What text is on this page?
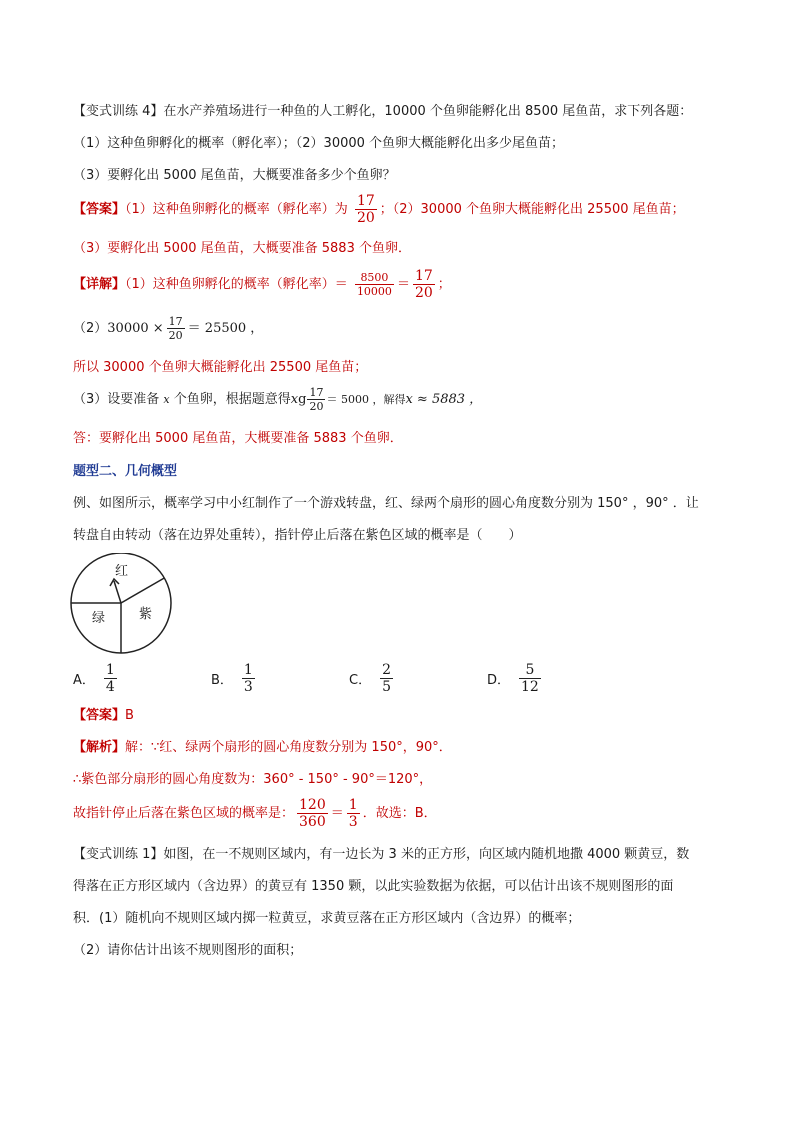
【变式训练 4】在水产养殖场进行一种鱼的人工孵化，10000 个鱼卵能孵化出 8500 尾鱼苗，求下列各题：
（1）这种鱼卵孵化的概率（孵化率）；（2）30000 个鱼卵大概能孵化出多少尾鱼苗；
（3）要孵化出 5000 尾鱼苗，大概要准备多少个鱼卵？
【答案】（1）这种鱼卵孵化的概率（孵化率）为 $\frac{17}{20}$ ；（2）30000 个鱼卵大概能孵化出 25500 尾鱼苗；
（3）要孵化出 5000 尾鱼苗，大概要准备 5883 个鱼卵．
【详解】（1）这种鱼卵孵化的概率（孵化率）＝ $\frac{8500}{10000} = \frac{17}{20}$ ；
$(2)30000 \times \frac{17}{20} = 25500$ ，
所以 30000 个鱼卵大概能孵化出 25500 尾鱼苗；
（3）设要准备 x 个鱼卵，根据题意得xg $\frac{17}{20} = 5000$ ，解得x ≈ 5883 ，
答：要孵化出 5000 尾鱼苗，大概要准备 5883 个鱼卵．
题型二、几何概型
例、如图所示，概率学习中小红制作了一个游戏转盘，红、绿两个扇形的圆心角度数分别为 150° ，90° ．让
转盘自由转动（落在边界处重转），指针停止后落在紫色区域的概率是（　　）
红
绿	紫
A． $\frac{1}{4}$	B． $\frac{1}{3}$	C． $\frac{2}{5}$	D． $\frac{5}{12}$
【答案】B
【解析】解：∵红、绿两个扇形的圆心角度数分别为 150°，90°．
∴紫色部分扇形的圆心角度数为：360° - 150° - 90°＝120°，
故指针停止后落在紫色区域的概率是： $\frac{120}{360} = \frac{1}{3}$ ．故选：B．
【变式训练 1】如图，在一不规则区域内，有一边长为 3 米的正方形，向区域内随机地撒 4000 颗黄豆，数
得落在正方形区域内（含边界）的黄豆有 1350 颗，以此实验数据为依据，可以估计出该不规则图形的面
积．(1）随机向不规则区域内掷一粒黄豆，求黄豆落在正方形区域内（含边界）的概率；
（2）请你估计出该不规则图形的面积；
